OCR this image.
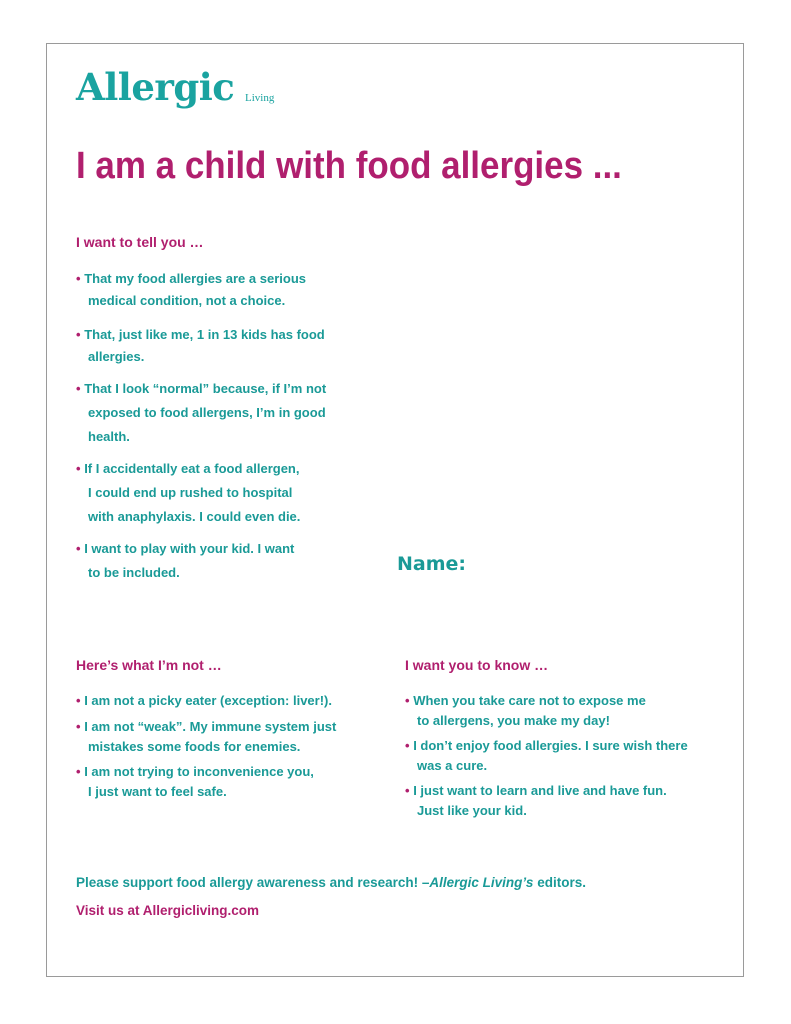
Allergic Living
I am a child with food allergies ...
I want to tell you …
• That my food allergies are a serious
medical condition, not a choice.
• That, just like me, 1 in 13 kids has food
allergies.
• That I look “normal” because, if I’m not
exposed to food allergens, I’m in good
health.
• If I accidentally eat a food allergen,
I could end up rushed to hospital
with anaphylaxis. I could even die.
• I want to play with your kid. I want
to be included.	Name:
Here’s what I’m not …
• I am not a picky eater (exception: liver!).
• I am not “weak”. My immune system just
mistakes some foods for enemies.
• I am not trying to inconvenience you,
I just want to feel safe.
I want you to know …
• When you take care not to expose me
to allergens, you make my day!
• I don’t enjoy food allergies. I sure wish there
was a cure.
• I just want to learn and live and have fun.
Just like your kid.
Please support food allergy awareness and research! –Allergic Living’s editors.
Visit us at Allergicliving.com
